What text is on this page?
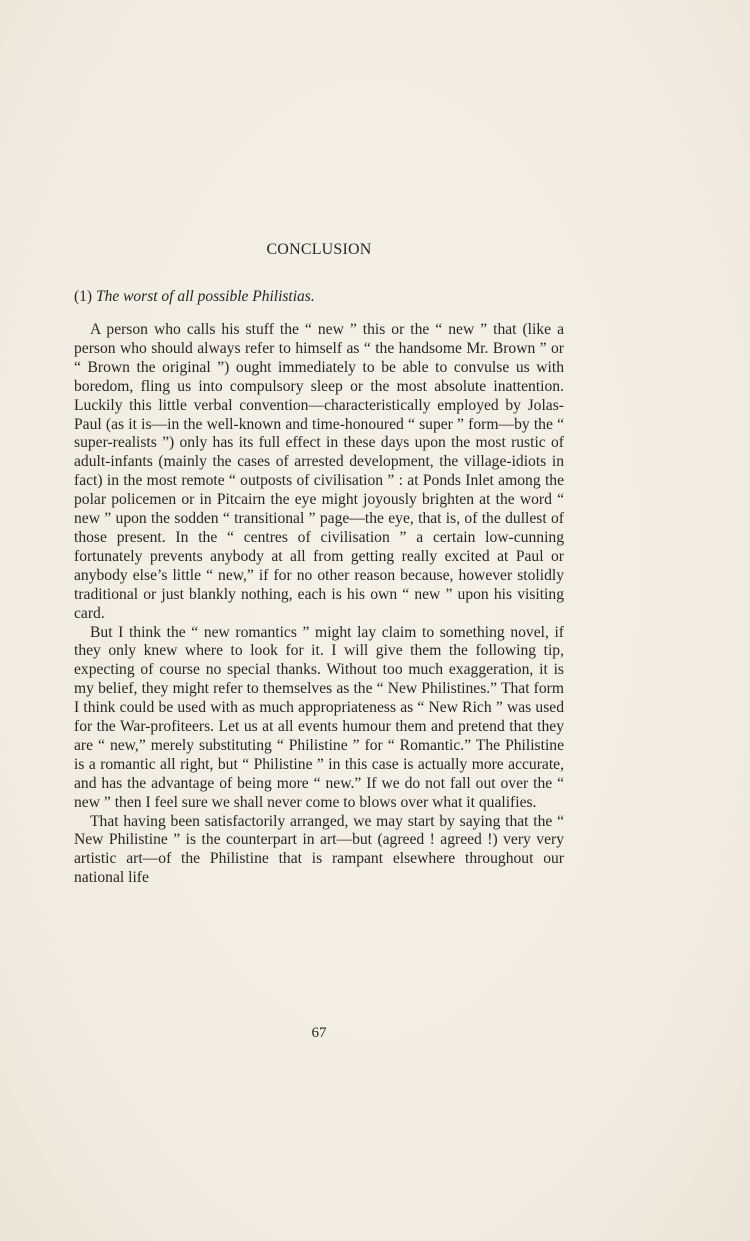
CONCLUSION
(1) The worst of all possible Philistias.

A person who calls his stuff the “ new ” this or the “ new ” that (like a person who should always refer to himself as “ the handsome Mr. Brown ” or “ Brown the original ”) ought immediately to be able to convulse us with boredom, fling us into compulsory sleep or the most absolute inattention. Luckily this little verbal convention—characteristically employed by Jolas-Paul (as it is—in the well-known and time-honoured “ super ” form—by the “ super-realists ”) only has its full effect in these days upon the most rustic of adult-infants (mainly the cases of arrested development, the village-idiots in fact) in the most remote “ outposts of civilisation ” : at Ponds Inlet among the polar policemen or in Pitcairn the eye might joyously brighten at the word “ new ” upon the sodden “ transitional ” page—the eye, that is, of the dullest of those present. In the “ centres of civilisation ” a certain low-cunning fortunately prevents anybody at all from getting really excited at Paul or anybody else’s little “ new,” if for no other reason because, however stolidly traditional or just blankly nothing, each is his own “ new ” upon his visiting card.

But I think the “ new romantics ” might lay claim to something novel, if they only knew where to look for it. I will give them the following tip, expecting of course no special thanks. Without too much exaggeration, it is my belief, they might refer to themselves as the “ New Philistines.” That form I think could be used with as much appropriateness as “ New Rich ” was used for the War-profiteers. Let us at all events humour them and pretend that they are “ new,” merely substituting “ Philistine ” for “ Romantic.” The Philistine is a romantic all right, but “ Philistine ” in this case is actually more accurate, and has the advantage of being more “ new.” If we do not fall out over the “ new ” then I feel sure we shall never come to blows over what it qualifies.

That having been satisfactorily arranged, we may start by saying that the “ New Philistine ” is the counterpart in art—but (agreed ! agreed !) very very artistic art—of the Philistine that is rampant elsewhere throughout our national life

67
